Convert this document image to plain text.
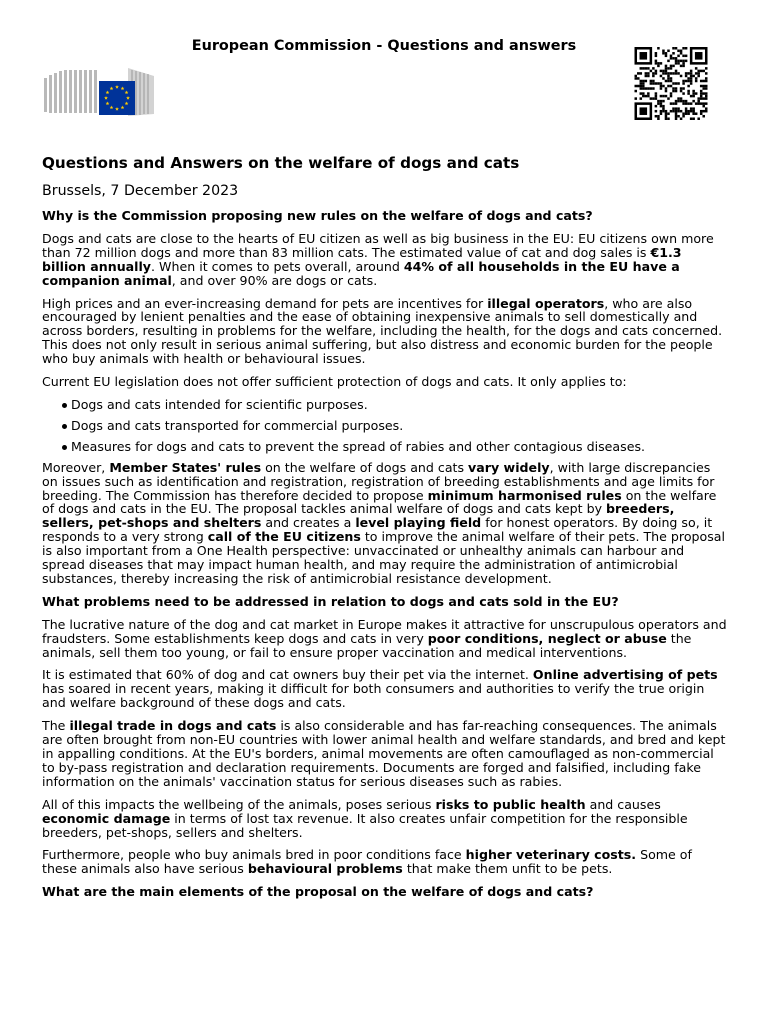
European Commission - Questions and answers
Questions and Answers on the welfare of dogs and cats
Brussels, 7 December 2023

Why is the Commission proposing new rules on the welfare of dogs and cats?

Dogs and cats are close to the hearts of EU citizen as well as big business in the EU: EU citizens own more than 72 million dogs and more than 83 million cats. The estimated value of cat and dog sales is €1.3 billion annually. When it comes to pets overall, around 44% of all households in the EU have a companion animal, and over 90% are dogs or cats.

High prices and an ever-increasing demand for pets are incentives for illegal operators, who are also encouraged by lenient penalties and the ease of obtaining inexpensive animals to sell domestically and across borders, resulting in problems for the welfare, including the health, for the dogs and cats concerned. This does not only result in serious animal suffering, but also distress and economic burden for the people who buy animals with health or behavioural issues.

Current EU legislation does not offer sufficient protection of dogs and cats. It only applies to:

Dogs and cats intended for scientific purposes.
Dogs and cats transported for commercial purposes.
Measures for dogs and cats to prevent the spread of rabies and other contagious diseases.

Moreover, Member States' rules on the welfare of dogs and cats vary widely, with large discrepancies on issues such as identification and registration, registration of breeding establishments and age limits for breeding. The Commission has therefore decided to propose minimum harmonised rules on the welfare of dogs and cats in the EU. The proposal tackles animal welfare of dogs and cats kept by breeders, sellers, pet-shops and shelters and creates a level playing field for honest operators. By doing so, it responds to a very strong call of the EU citizens to improve the animal welfare of their pets. The proposal is also important from a One Health perspective: unvaccinated or unhealthy animals can harbour and spread diseases that may impact human health, and may require the administration of antimicrobial substances, thereby increasing the risk of antimicrobial resistance development.

What problems need to be addressed in relation to dogs and cats sold in the EU?

The lucrative nature of the dog and cat market in Europe makes it attractive for unscrupulous operators and fraudsters. Some establishments keep dogs and cats in very poor conditions, neglect or abuse the animals, sell them too young, or fail to ensure proper vaccination and medical interventions.

It is estimated that 60% of dog and cat owners buy their pet via the internet. Online advertising of pets has soared in recent years, making it difficult for both consumers and authorities to verify the true origin and welfare background of these dogs and cats.

The illegal trade in dogs and cats is also considerable and has far-reaching consequences. The animals are often brought from non-EU countries with lower animal health and welfare standards, and bred and kept in appalling conditions. At the EU's borders, animal movements are often camouflaged as non-commercial to by-pass registration and declaration requirements. Documents are forged and falsified, including fake information on the animals' vaccination status for serious diseases such as rabies.

All of this impacts the wellbeing of the animals, poses serious risks to public health and causes economic damage in terms of lost tax revenue. It also creates unfair competition for the responsible breeders, pet-shops, sellers and shelters.

Furthermore, people who buy animals bred in poor conditions face higher veterinary costs. Some of these animals also have serious behavioural problems that make them unfit to be pets.

What are the main elements of the proposal on the welfare of dogs and cats?
